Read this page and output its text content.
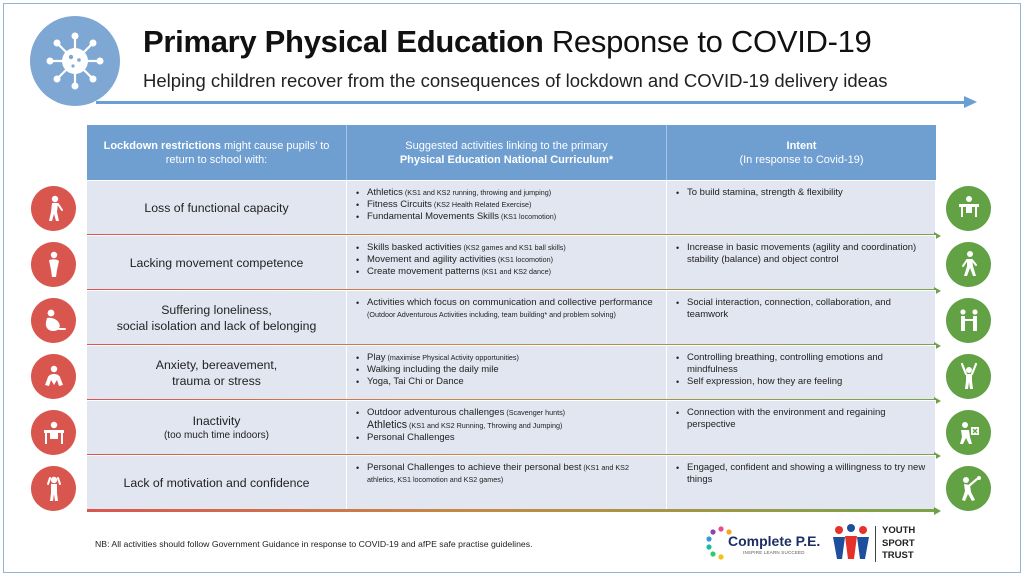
Primary Physical Education Response to COVID-19
Helping children recover from the consequences of lockdown and COVID-19 delivery ideas
Lockdown restrictions might cause pupils’ to return to school with:
Suggested activities linking to the primary
Physical Education National Curriculum*
Intent
(In response to Covid-19)
Loss of functional capacity
• Athletics (KS1 and KS2 running, throwing and jumping)
• Fitness Circuits (KS2 Health Related Exercise)
• Fundamental Movements Skills (KS1 locomotion)
• To build stamina, strength & flexibility
Lacking movement competence
• Skills basked activities (KS2 games and KS1 ball skills)
• Movement and agility activities (KS1 locomotion)
• Create movement patterns (KS1 and KS2 dance)
• Increase in basic movements (agility and coordination) stability (balance) and object control
Suffering loneliness,
social isolation and lack of belonging
• Activities which focus on communication and collective performance (Outdoor Adventurous Activities including, team building* and problem solving)
• Social interaction, connection, collaboration, and teamwork
Anxiety, bereavement,
trauma or stress
• Play (maximise Physical Activity opportunities)
• Walking including the daily mile
• Yoga, Tai Chi or Dance
• Controlling breathing, controlling emotions and mindfulness
• Self expression, how they are feeling
Inactivity
(too much time indoors)
• Outdoor adventurous challenges (Scavenger hunts)
Athletics (KS1 and KS2 Running, Throwing and Jumping)
• Personal Challenges
• Connection with the environment and regaining perspective
Lack of motivation and confidence
• Personal Challenges to achieve their personal best (KS1 and KS2 athletics, KS1 locomotion and KS2 games)
• Engaged, confident and showing a willingness to try new things
NB: All activities should follow Government Guidance in response to COVID-19 and afPE safe practise guidelines.	Complete P.E.
INSPIRE LEARN SUCCEED
YOUTH
SPORT
TRUST
